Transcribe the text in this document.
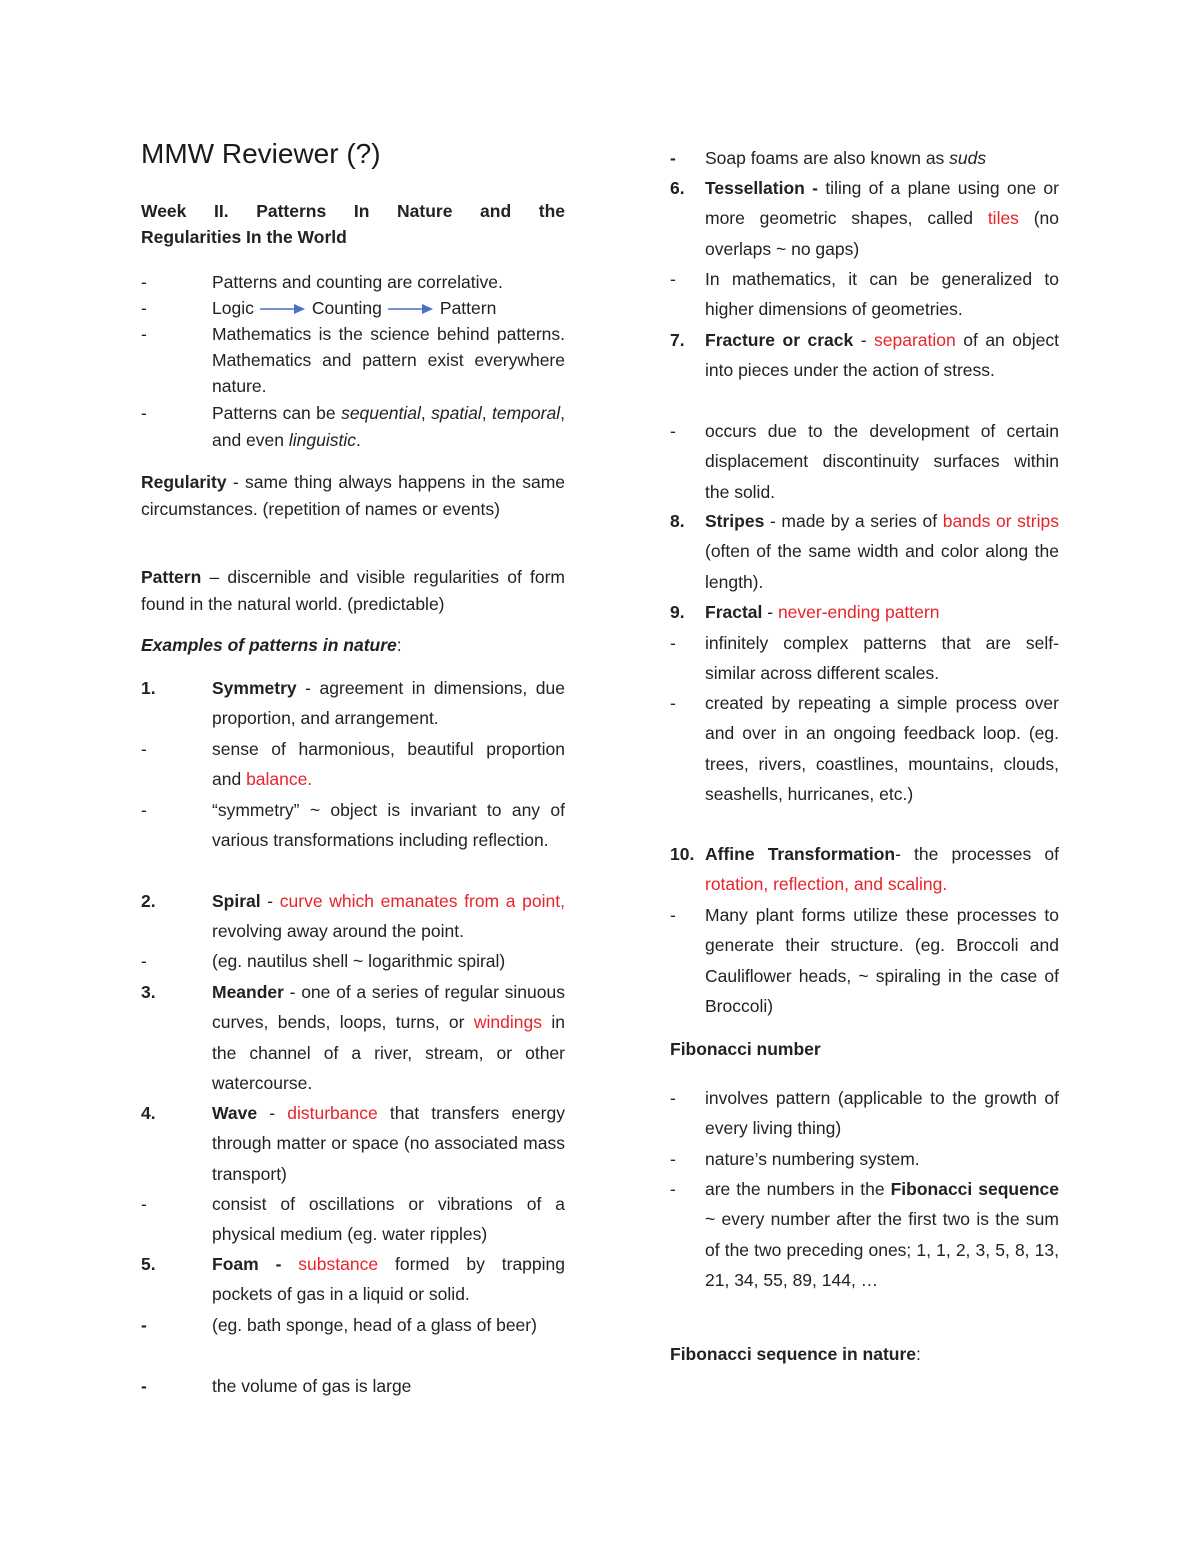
MMW Reviewer (?)
Week II. Patterns In Nature and the
Regularities In the World
-	Patterns and counting are correlative.
-	Logic	Counting	Pattern
-	Mathematics is the science behind patterns. Mathematics and pattern exist everywhere nature.
-	Patterns can be sequential, spatial, temporal, and even linguistic.
Regularity - same thing always happens in the same circumstances. (repetition of names or events)
Pattern – discernible and visible regularities of form found in the natural world. (predictable)
Examples of patterns in nature:
1.	Symmetry - agreement in dimensions, due proportion, and arrangement.
-	sense of harmonious, beautiful proportion and balance.
-	“symmetry” ~ object is invariant to any of various transformations including reflection.
2.	Spiral - curve which emanates from a point, revolving away around the point.
-	(eg. nautilus shell ~ logarithmic spiral)
3.	Meander - one of a series of regular sinuous curves, bends, loops, turns, or windings in the channel of a river, stream, or other watercourse.
4.	Wave - disturbance that transfers energy through matter or space (no associated mass transport)
-	consist of oscillations or vibrations of a physical medium (eg. water ripples)
5.	Foam - substance formed by trapping pockets of gas in a liquid or solid.
-	(eg. bath sponge, head of a glass of beer)
-	the volume of gas is large
- Soap foams are also known as suds
6. Tessellation - tiling of a plane using one or more geometric shapes, called tiles (no overlaps ~ no gaps)
- In mathematics, it can be generalized to higher dimensions of geometries.
7. Fracture or crack - separation of an object into pieces under the action of stress.
- occurs due to the development of certain displacement discontinuity surfaces within the solid.
8. Stripes - made by a series of bands or strips (often of the same width and color along the length).
9. Fractal - never-ending pattern
- infinitely complex patterns that are self-similar across different scales.
- created by repeating a simple process over and over in an ongoing feedback loop. (eg. trees, rivers, coastlines, mountains, clouds, seashells, hurricanes, etc.)
10. Affine Transformation- the processes of rotation, reflection, and scaling.
- Many plant forms utilize these processes to generate their structure. (eg. Broccoli and Cauliflower heads, ~ spiraling in the case of Broccoli)
Fibonacci number
- involves pattern (applicable to the growth of every living thing)
- nature’s numbering system.
- are the numbers in the Fibonacci sequence ~ every number after the first two is the sum of the two preceding ones; 1, 1, 2, 3, 5, 8, 13, 21, 34, 55, 89, 144, …
Fibonacci sequence in nature:
